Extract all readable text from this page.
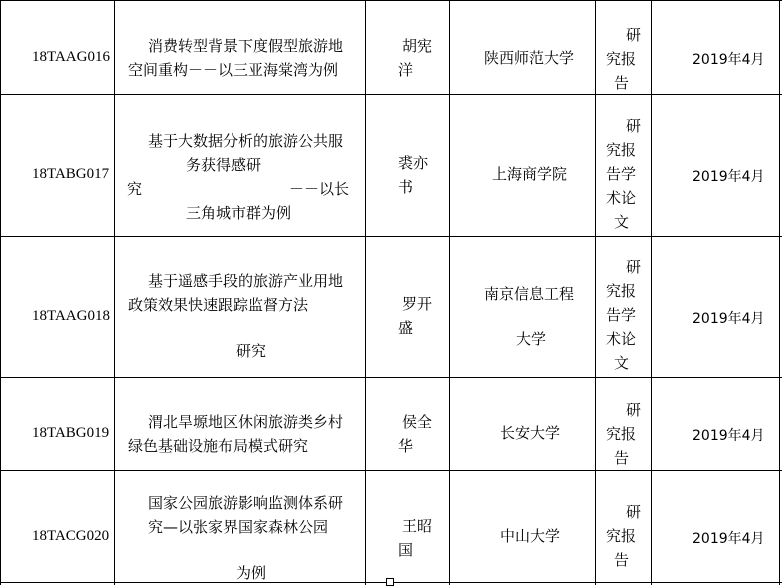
18TAAG016
消费转型背景下度假型旅游地
空间重构－－以三亚海棠湾为例
胡宪
洋
陕西师范大学
研
究报
告
2019年4月
18TABG017
基于大数据分析的旅游公共服
务获得感研
究	－－以长
三角城市群为例
裘亦
书
上海商学院
研
究报
告学
术论
文
2019年4月
18TAAG018
基于遥感手段的旅游产业用地
政策效果快速跟踪监督方法
研究
罗开
盛
南京信息工程
大学
研
究报
告学
术论
文
2019年4月
18TABG019
渭北旱塬地区休闲旅游类乡村
绿色基础设施布局模式研究
侯全
华
长安大学
研
究报
告
2019年4月
18TACG020
国家公园旅游影响监测体系研
究—以张家界国家森林公园
为例
王昭
国
中山大学
研
究报
告
2019年4月
